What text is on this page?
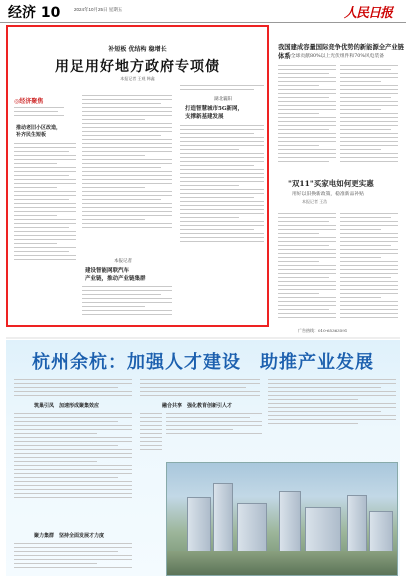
经济 10	2024年10月25日 星期五	人民日报
补短板 优结构 稳增长
用足用好地方政府专项债
本报记者 王观 韩鑫
◎经济聚焦
推动老旧小区改造，
补齐民生短板
本报记者
建设智能网联汽车
产业链，推动产业链集群
湖北襄阳
打造智慧城市5G新网，
支撑新基建发展
我国建成容量国际竞争优势的新能源全产业链体系
为全球贡献80%以上光伏组件和70%风电装备
"双11"买家电如何更实惠
用好以旧换新政策，稳准新品补贴
本报记者 王浩
广告热线：010-65363591
杭州余杭：加强人才建设　助推产业发展
筑巢引凤　加速形成聚集效应
聚力集群　坚持全面发展才力度
融合共享　强化教育创新引人才
